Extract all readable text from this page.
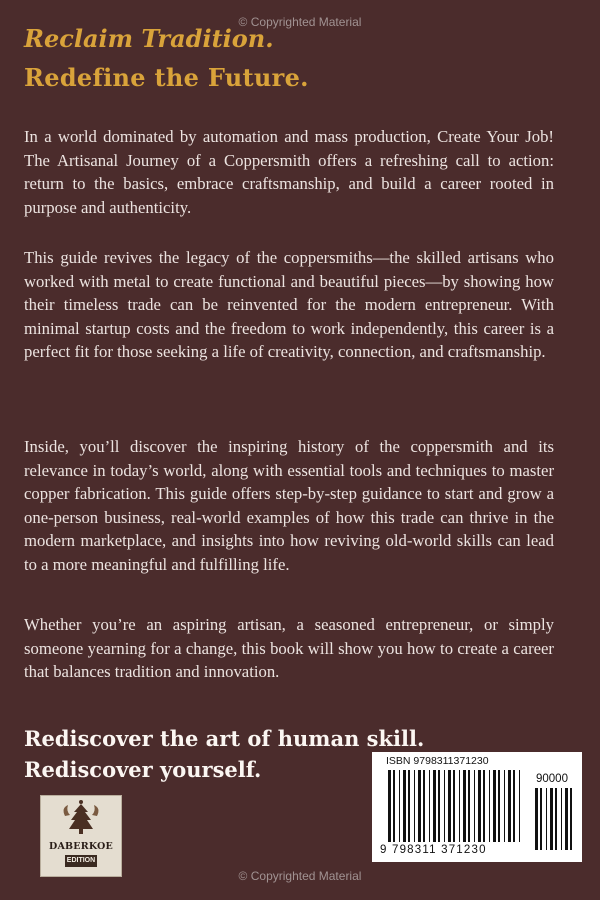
© Copyrighted Material
Reclaim Tradition.
Redefine the Future.

In a world dominated by automation and mass production, Create Your Job! The Artisanal Journey of a Coppersmith offers a refreshing call to action: return to the basics, embrace craftsmanship, and build a career rooted in purpose and authenticity.

This guide revives the legacy of the coppersmiths—the skilled artisans who worked with metal to create functional and beautiful pieces—by showing how their timeless trade can be reinvented for the modern entrepreneur. With minimal startup costs and the freedom to work independently, this career is a perfect fit for those seeking a life of creativity, connection, and craftsmanship.

Inside, you’ll discover the inspiring history of the coppersmith and its relevance in today’s world, along with essential tools and techniques to master copper fabrication. This guide offers step-by-step guidance to start and grow a one-person business, real-world examples of how this trade can thrive in the modern marketplace, and insights into how reviving old-world skills can lead to a more meaningful and fulfilling life.

Whether you’re an aspiring artisan, a seasoned entrepreneur, or simply someone yearning for a change, this book will show you how to create a career that balances tradition and innovation.

Rediscover the art of human skill.
Rediscover yourself.
DABERKOE
EDITION
ISBN 9798311371230
90000
9 798311 371230
© Copyrighted Material
